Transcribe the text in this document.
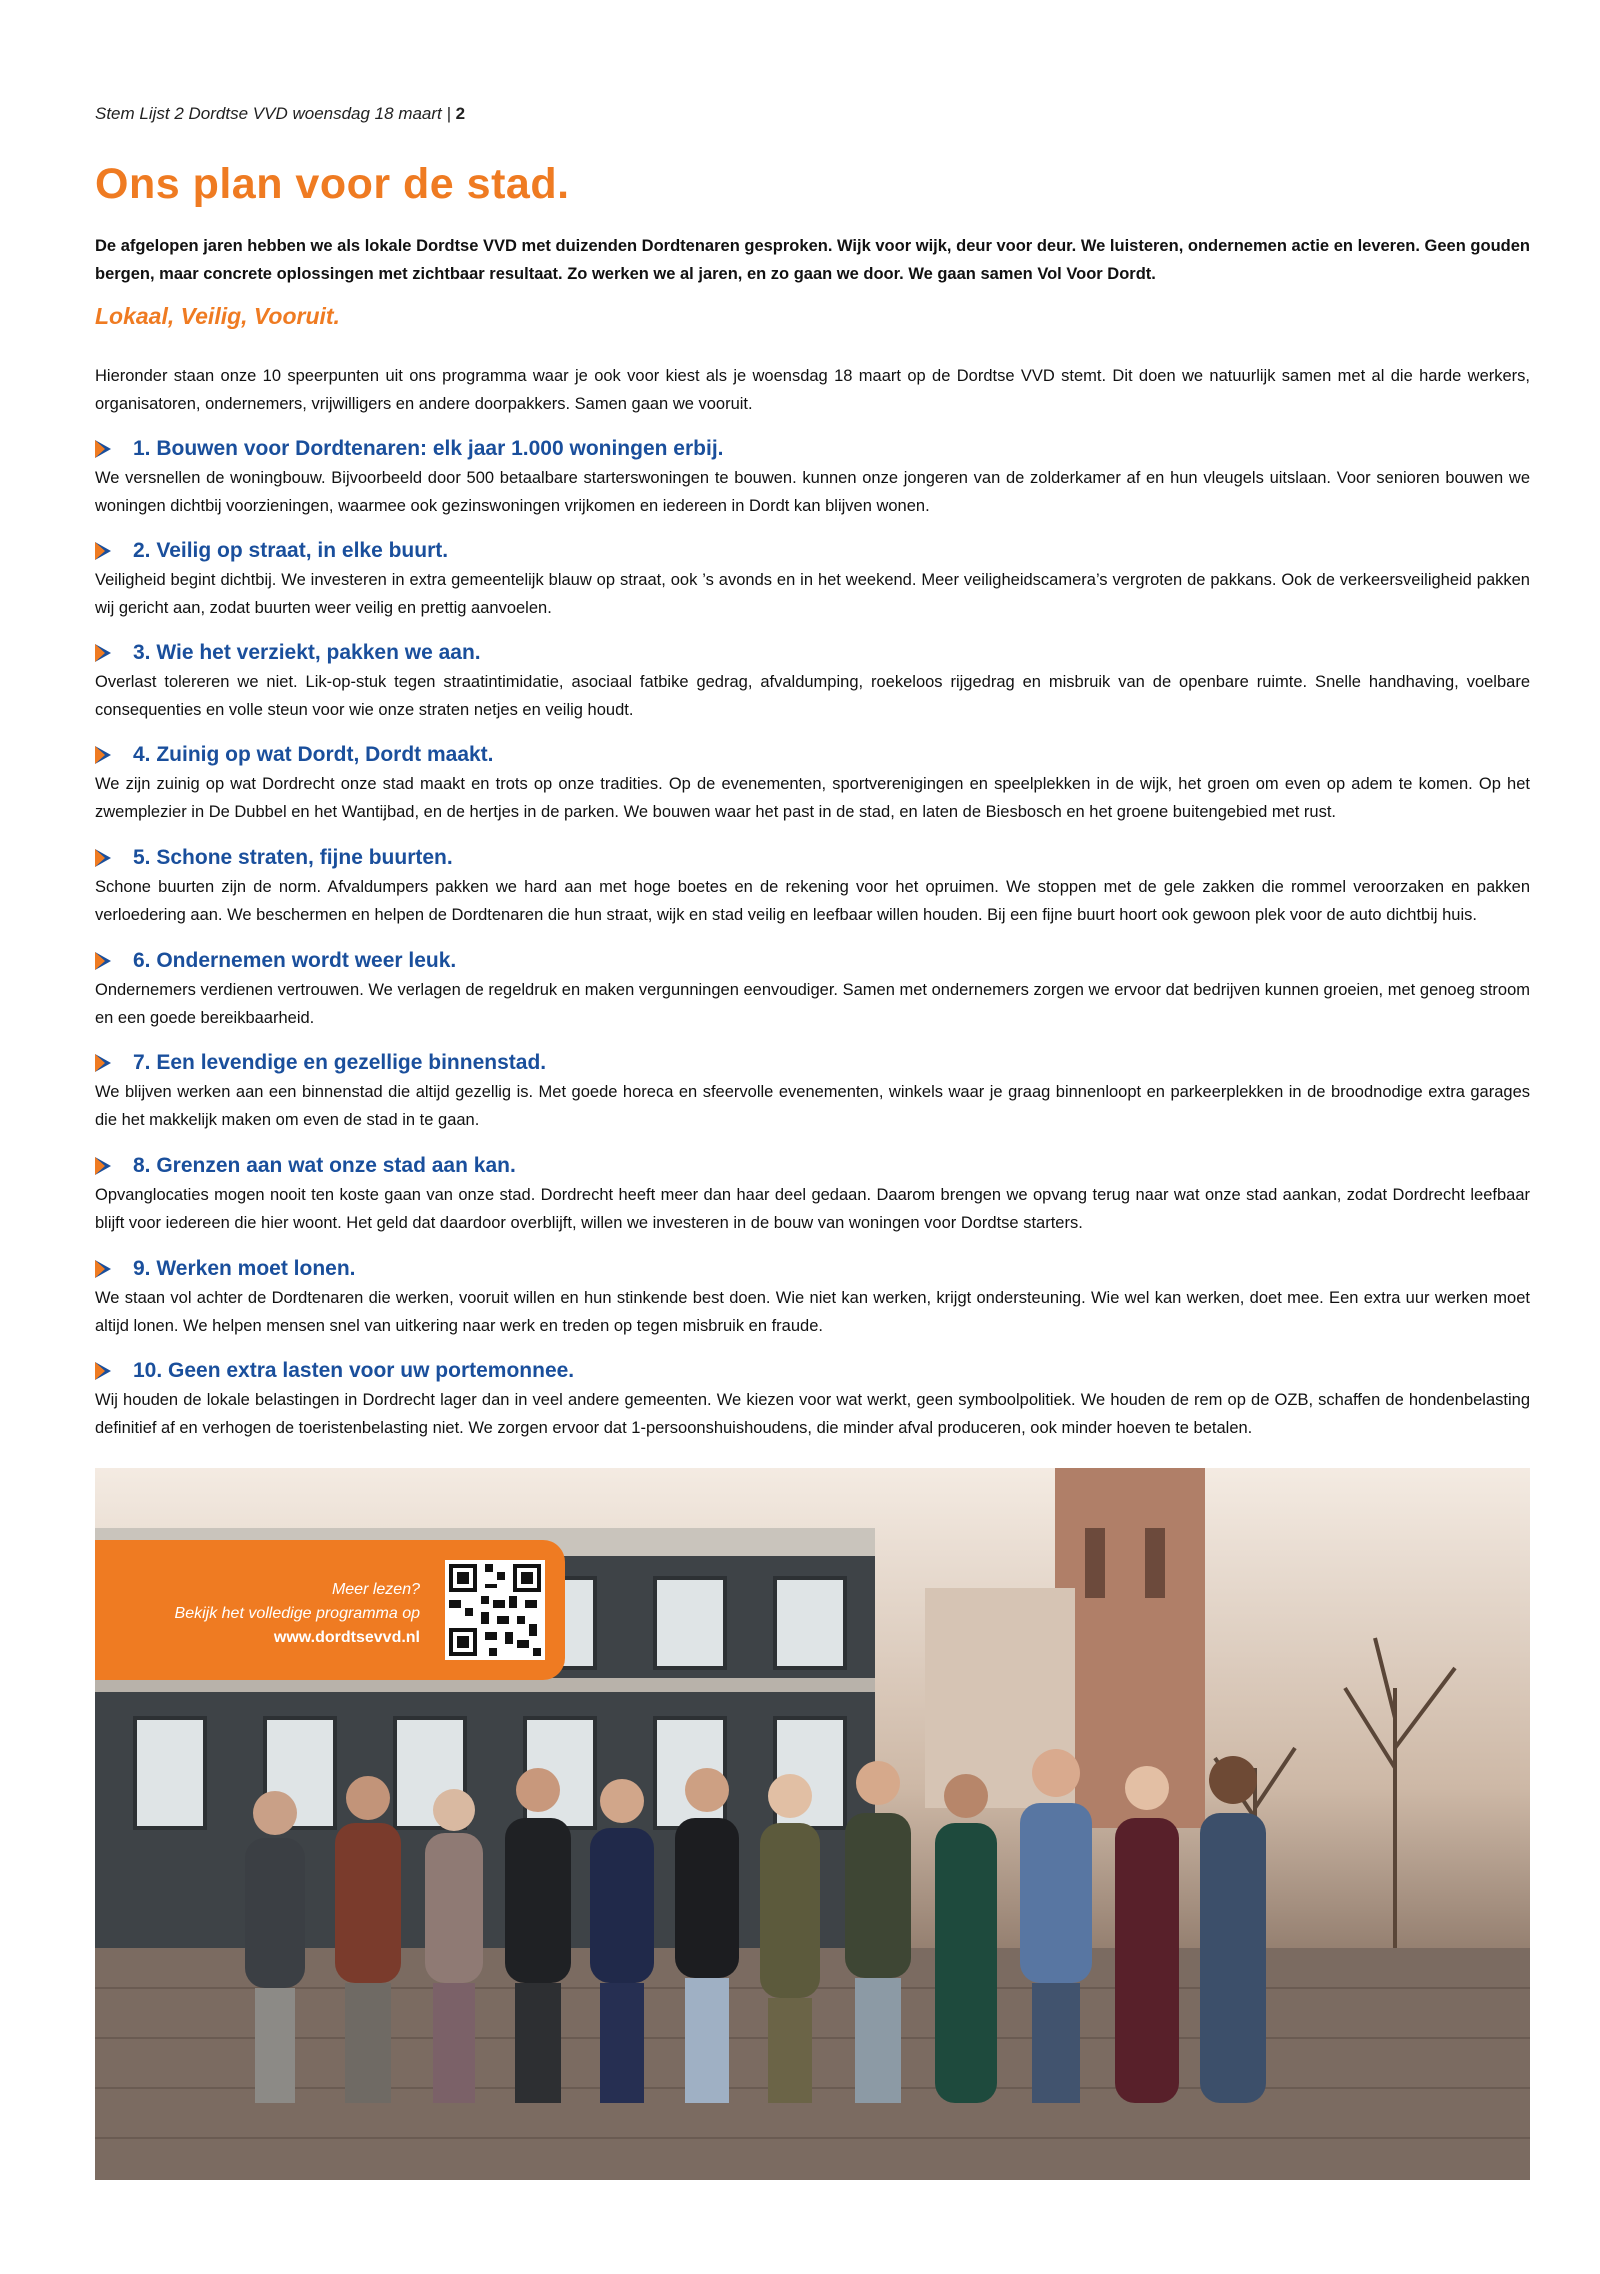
Stem Lijst 2 Dordtse VVD woensdag 18 maart | 2
Ons plan voor de stad.

De afgelopen jaren hebben we als lokale Dordtse VVD met duizenden Dordtenaren gesproken. Wijk voor wijk, deur voor deur. We luisteren, ondernemen actie en leveren. Geen gouden bergen, maar concrete oplossingen met zichtbaar resultaat. Zo werken we al jaren, en zo gaan we door. We gaan samen Vol Voor Dordt.

Lokaal, Veilig, Vooruit.

Hieronder staan onze 10 speerpunten uit ons programma waar je ook voor kiest als je woensdag 18 maart op de Dordtse VVD stemt. Dit doen we natuurlijk samen met al die harde werkers, organisatoren, ondernemers, vrijwilligers en andere doorpakkers. Samen gaan we vooruit.

1. Bouwen voor Dordtenaren: elk jaar 1.000 woningen erbij.

We versnellen de woningbouw. Bijvoorbeeld door 500 betaalbare starterswoningen te bouwen. kunnen onze jongeren van de zolderkamer af en hun vleugels uitslaan. Voor senioren bouwen we woningen dichtbij voorzieningen, waarmee ook gezinswoningen vrijkomen en iedereen in Dordt kan blijven wonen.

2. Veilig op straat, in elke buurt.

Veiligheid begint dichtbij. We investeren in extra gemeentelijk blauw op straat, ook ’s avonds en in het weekend. Meer veiligheidscamera’s vergroten de pakkans. Ook de verkeersveiligheid pakken wij gericht aan, zodat buurten weer veilig en prettig aanvoelen.

3. Wie het verziekt, pakken we aan.

Overlast tolereren we niet. Lik-op-stuk tegen straatintimidatie, asociaal fatbike gedrag, afvaldumping, roekeloos rijgedrag en misbruik van de openbare ruimte. Snelle handhaving, voelbare consequenties en volle steun voor wie onze straten netjes en veilig houdt.

4. Zuinig op wat Dordt, Dordt maakt.

We zijn zuinig op wat Dordrecht onze stad maakt en trots op onze tradities. Op de evenementen, sportverenigingen en speelplekken in de wijk, het groen om even op adem te komen. Op het zwemplezier in De Dubbel en het Wantijbad, en de hertjes in de parken. We bouwen waar het past in de stad, en laten de Biesbosch en het groene buitengebied met rust.

5. Schone straten, fijne buurten.

Schone buurten zijn de norm. Afvaldumpers pakken we hard aan met hoge boetes en de rekening voor het opruimen. We stoppen met de gele zakken die rommel veroorzaken en pakken verloedering aan. We beschermen en helpen de Dordtenaren die hun straat, wijk en stad veilig en leefbaar willen houden. Bij een fijne buurt hoort ook gewoon plek voor de auto dichtbij huis.

6. Ondernemen wordt weer leuk.

Ondernemers verdienen vertrouwen. We verlagen de regeldruk en maken vergunningen eenvoudiger. Samen met ondernemers zorgen we ervoor dat bedrijven kunnen groeien, met genoeg stroom en een goede bereikbaarheid.

7. Een levendige en gezellige binnenstad.

We blijven werken aan een binnenstad die altijd gezellig is. Met goede horeca en sfeervolle evenementen, winkels waar je graag binnenloopt en parkeerplekken in de broodnodige extra garages die het makkelijk maken om even de stad in te gaan.

8. Grenzen aan wat onze stad aan kan.

Opvanglocaties mogen nooit ten koste gaan van onze stad. Dordrecht heeft meer dan haar deel gedaan. Daarom brengen we opvang terug naar wat onze stad aankan, zodat Dordrecht leefbaar blijft voor iedereen die hier woont. Het geld dat daardoor overblijft, willen we investeren in de bouw van woningen voor Dordtse starters.

9. Werken moet lonen.

We staan vol achter de Dordtenaren die werken, vooruit willen en hun stinkende best doen. Wie niet kan werken, krijgt ondersteuning. Wie wel kan werken, doet mee. Een extra uur werken moet altijd lonen. We helpen mensen snel van uitkering naar werk en treden op tegen misbruik en fraude.

10. Geen extra lasten voor uw portemonnee.

Wij houden de lokale belastingen in Dordrecht lager dan in veel andere gemeenten. We kiezen voor wat werkt, geen symboolpolitiek. We houden de rem op de OZB, schaffen de hondenbelasting definitief af en verhogen de toeristenbelasting niet. We zorgen ervoor dat 1-persoonshuishoudens, die minder afval produceren, ook minder hoeven te betalen.

Meer lezen?
Bekijk het volledige programma op
www.dordtsevvd.nl
